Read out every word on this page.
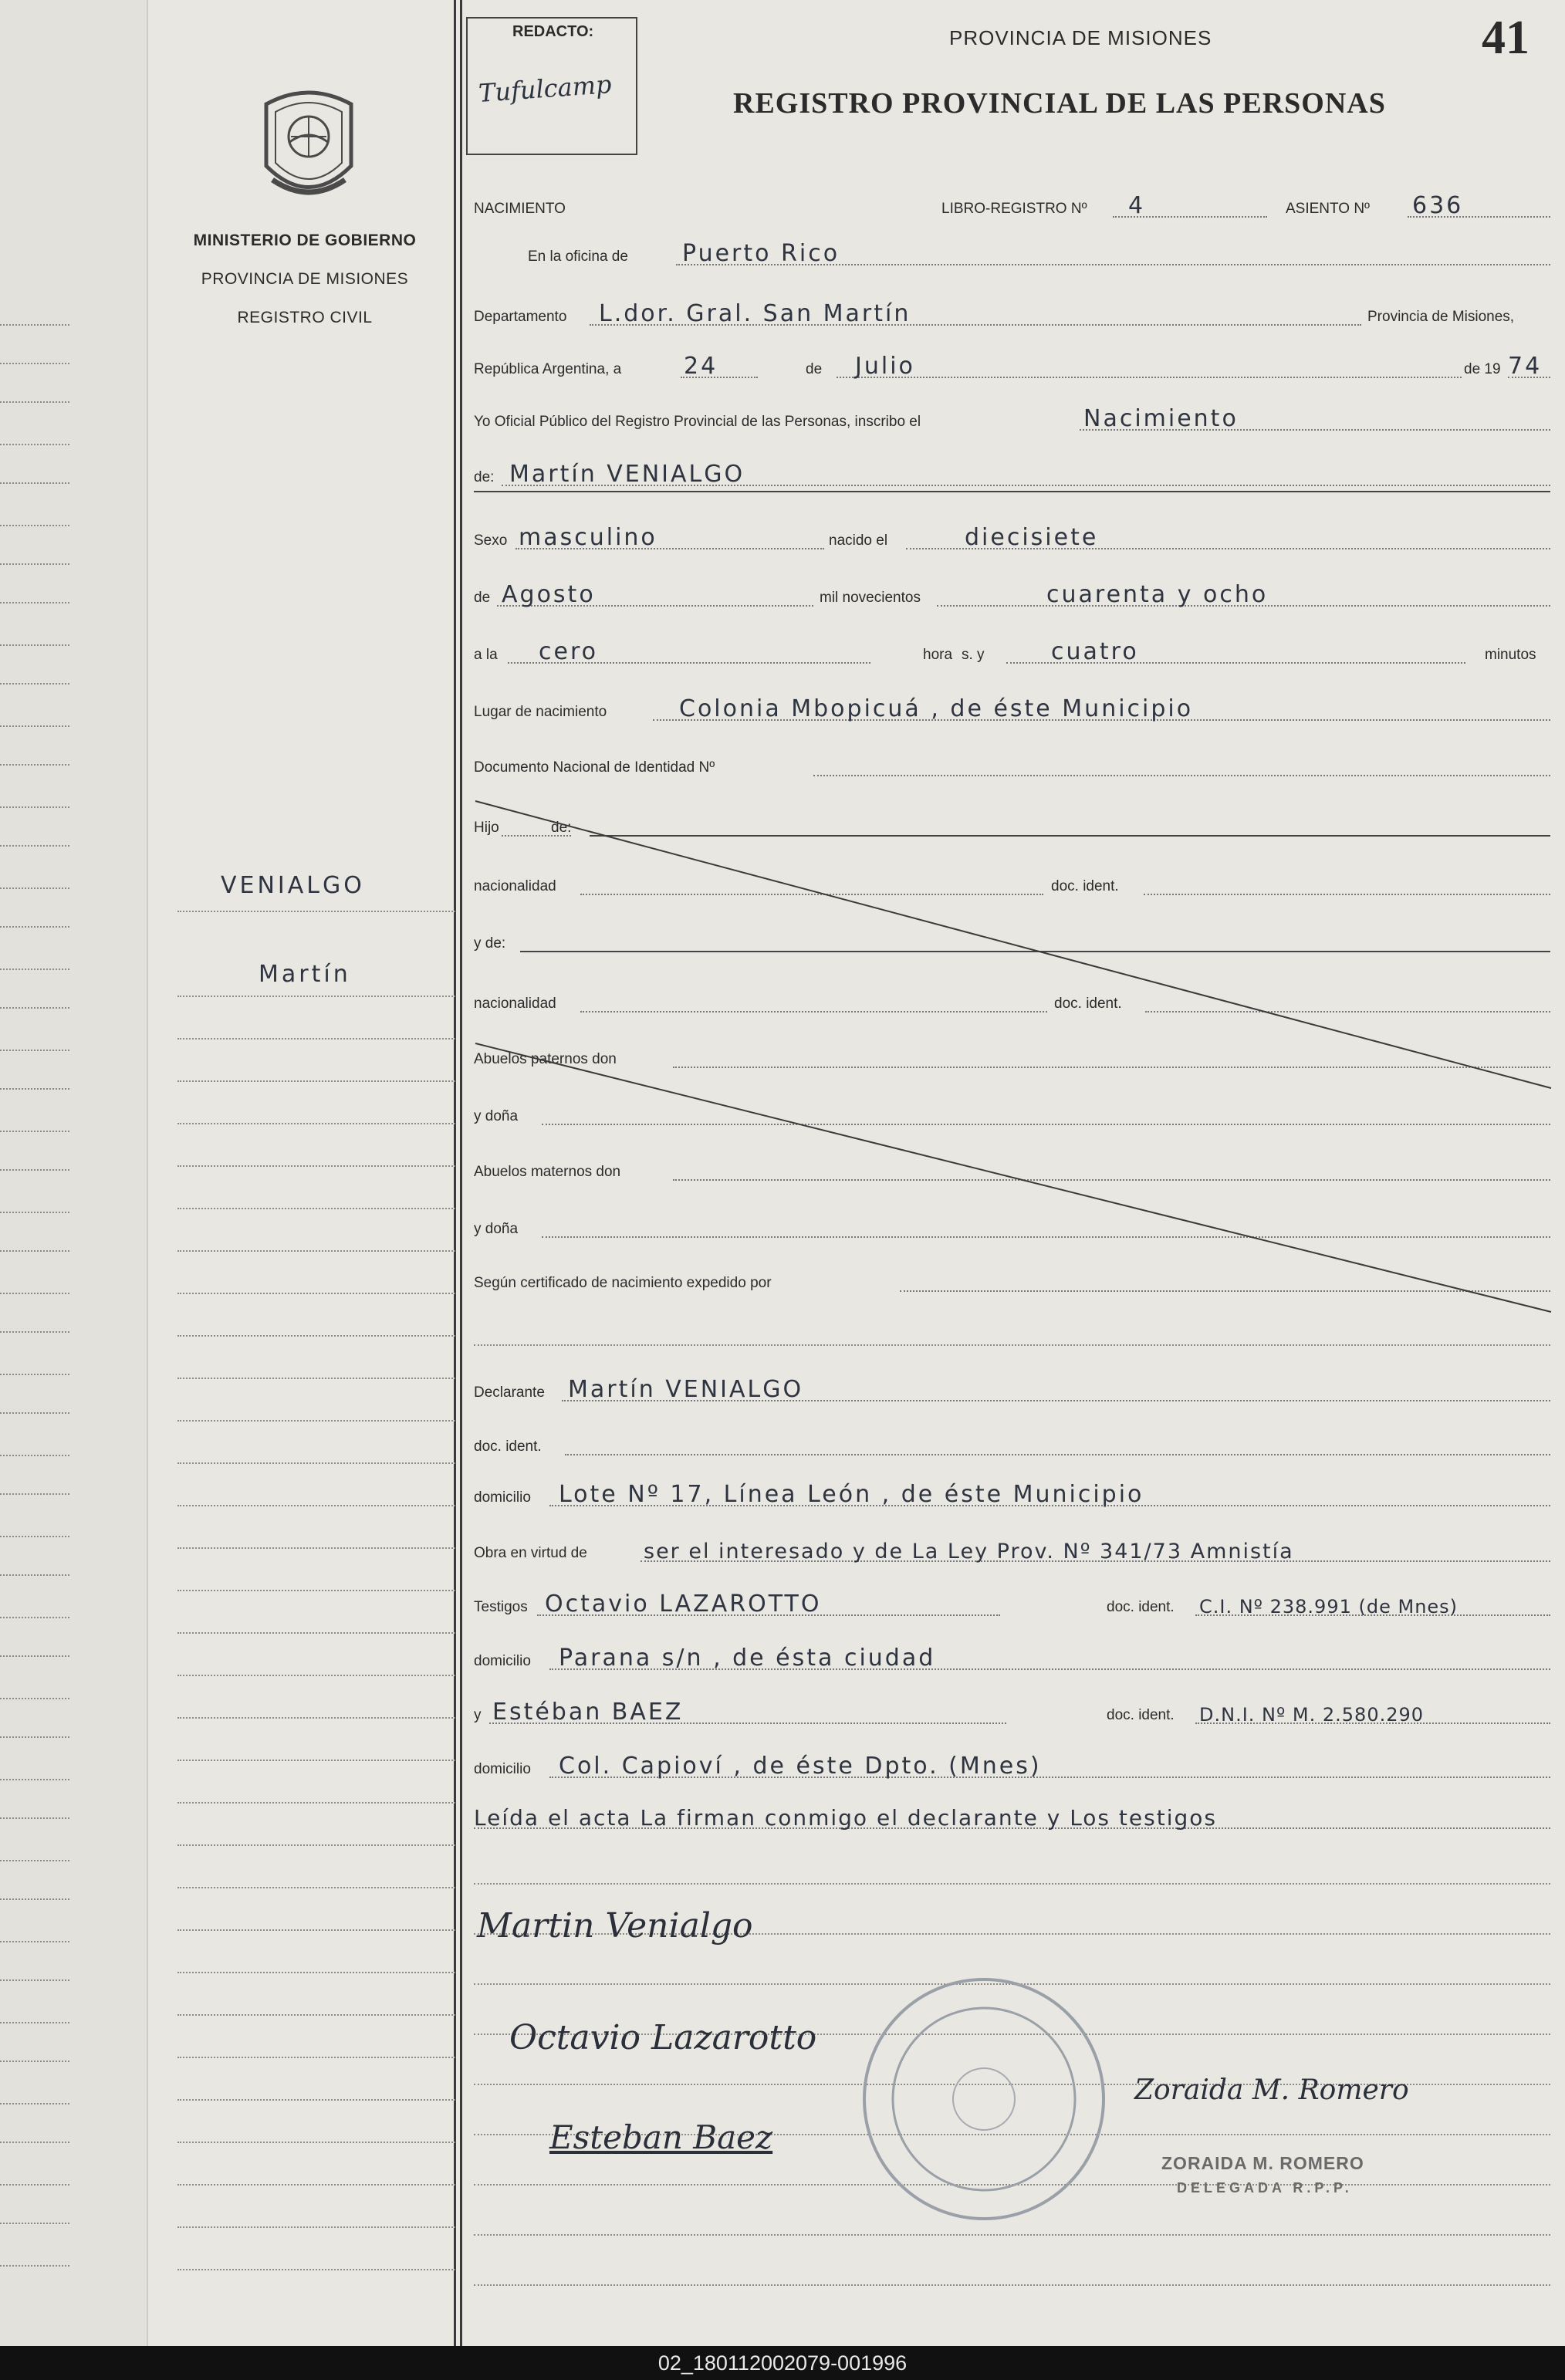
MINISTERIO DE GOBIERNO
PROVINCIA DE MISIONES
REGISTRO CIVIL
VENIALGO
Martín
REDACTO:
Tufulcamp
PROVINCIA DE MISIONES
REGISTRO PROVINCIAL DE LAS PERSONAS
41
NACIMIENTO	LIBRO-REGISTRO Nº 4	ASIENTO Nº 636
En la oficina de Puerto Rico
Departamento L.dor. Gral. San Martín	Provincia de Misiones,
República Argentina, a	24	de Julio	de 19 74
Yo Oficial Público del Registro Provincial de las Personas, inscribo el	Nacimiento
de: Martín VENIALGO
Sexo masculino	nacido el	diecisiete
de Agosto	mil novecientos	cuarenta y ocho
a la cero	hora s. y	cuatro	minutos
Lugar de nacimiento	Colonia Mbopicuá , de éste Municipio
Documento Nacional de Identidad Nº
Hijo	de:
nacionalidad	doc. ident.
y de:
nacionalidad	doc. ident.
Abuelos paternos don
y doña
Abuelos maternos don
y doña
Según certificado de nacimiento expedido por
Declarante Martín VENIALGO
doc. ident.
domicilio Lote Nº 17, Línea León , de éste Municipio
Obra en virtud de	ser el interesado y de La Ley Prov. Nº 341/73 Amnistía
Testigos Octavio LAZAROTTO	doc. ident. C.I. Nº 238.991 (de Mnes)
domicilio Parana s/n , de ésta ciudad
y Estéban BAEZ	doc. ident. D.N.I. Nº M. 2.580.290
domicilio Col. Capioví , de éste Dpto. (Mnes)
Leída el acta La firman conmigo el declarante y Los testigos
Martin Venialgo
Octavio Lazarotto
Esteban Baez
Zoraida M. Romero
ZORAIDA M. ROMERO
DELEGADA R.P.P.
02_180112002079-001996
